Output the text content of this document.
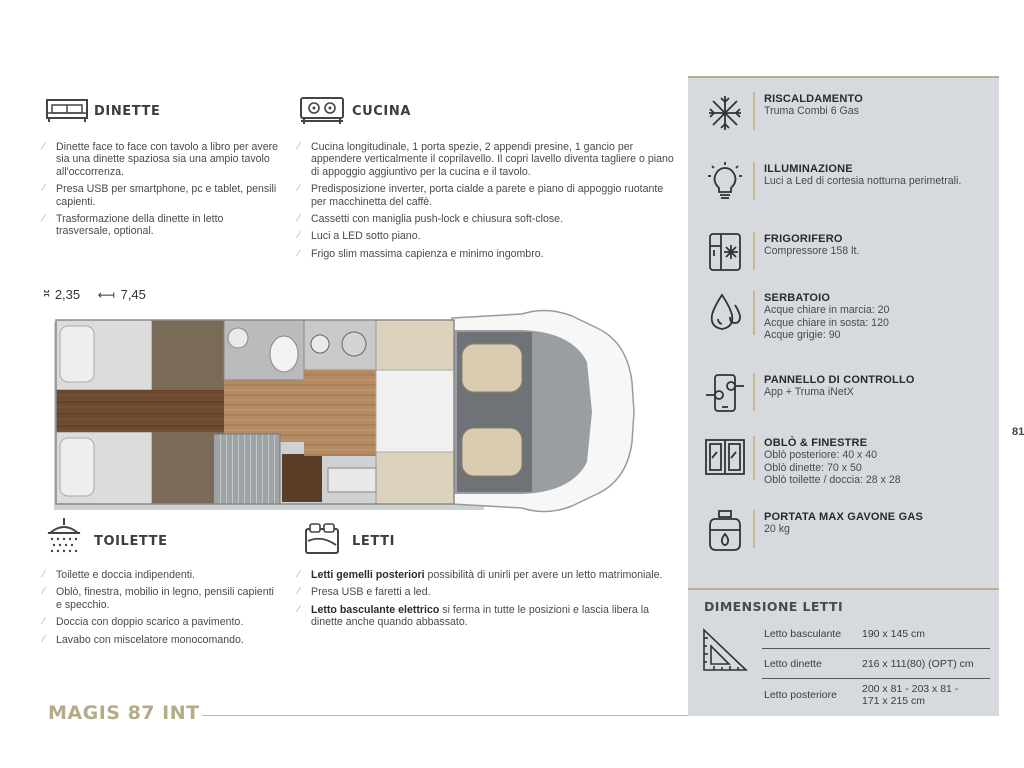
DINETTE
∕ Dinette face to face con tavolo a libro per avere sia una dinette spaziosa sia una ampio tavolo all'occorrenza.
∕ Presa USB per smartphone, pc e tablet, pensili capienti.
∕ Trasformazione della dinette in letto trasversale, optional.
CUCINA
∕ Cucina longitudinale, 1 porta spezie, 2 appendi presine, 1 gancio per appendere verticalmente il coprilavello. Il copri lavello diventa tagliere o piano di appoggio aggiuntivo per la cucina e il tavolo.
∕ Predisposizione inverter, porta cialde a parete e piano di appoggio ruotante per macchinetta del caffè.
∕ Cassetti con maniglia push-lock e chiusura soft-close.
∕ Luci a LED sotto piano.
∕ Frigo slim massima capienza e minimo ingombro.
⎶ 2,35 ⟻ 7,45
TOILETTE
∕ Toilette e doccia indipendenti.
∕ Oblò, finestra, mobilio in legno, pensili capienti e specchio.
∕ Doccia con doppio scarico a pavimento.
∕ Lavabo con miscelatore monocomando.
LETTI
∕ Letti gemelli posteriori possibilità di unirli per avere un letto matrimoniale.
∕ Presa USB e faretti a led.
∕ Letto basculante elettrico si ferma in tutte le posizioni e lascia libera la dinette anche quando abbassato.
MAGIS 87 INT
RISCALDAMENTO
Truma Combi 6 Gas
ILLUMINAZIONE
Luci a Led di cortesia notturna perimetrali.
FRIGORIFERO
Compressore 158 lt.
SERBATOIO
Acque chiare in marcia: 20
Acque chiare in sosta: 120
Acque grigie: 90
PANNELLO DI CONTROLLO
App + Truma iNetX
OBLÒ & FINESTRE
Oblò posteriore: 40 x 40
Oblò dinette: 70 x 50
Oblò toilette / doccia: 28 x 28
PORTATA MAX GAVONE GAS
20 kg
DIMENSIONE LETTI
Letto basculante 190 x 145 cm
Letto dinette	216 x 111(80) (OPT) cm
Letto posteriore 200 x 81 - 203 x 81 -
171 x 215 cm
81
